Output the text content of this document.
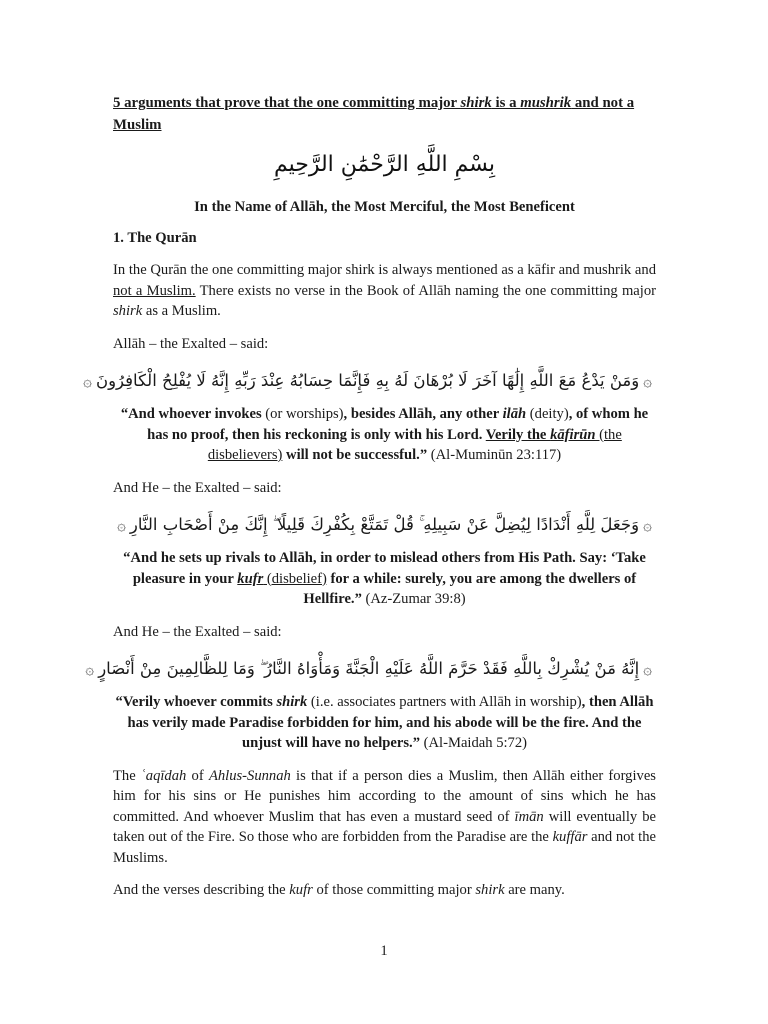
5 arguments that prove that the one committing major shirk is a mushrik and not a Muslim

بِسْمِ اللَّهِ الرَّحْمَٰنِ الرَّحِيمِ

In the Name of Allāh, the Most Merciful, the Most Beneficent

1. The Qurān

In the Qurān the one committing major shirk is always mentioned as a kāfir and mushrik and not a Muslim. There exists no verse in the Book of Allāh naming the one committing major shirk as a Muslim.

Allāh – the Exalted – said:

۞وَمَنْ يَدْعُ مَعَ اللَّهِ إِلَٰهًا آخَرَ لَا بُرْهَانَ لَهُ بِهِ فَإِنَّمَا حِسَابُهُ عِنْدَ رَبِّهِ إِنَّهُ لَا يُفْلِحُ الْكَافِرُونَ۞

“And whoever invokes (or worships), besides Allāh, any other ilāh (deity), of whom he has no proof, then his reckoning is only with his Lord. Verily the kāfirūn (the disbelievers) will not be successful.” (Al-Muminūn 23:117)

And He – the Exalted – said:

۞وَجَعَلَ لِلَّهِ أَنْدَادًا لِيُضِلَّ عَنْ سَبِيلِهِ ۚ قُلْ تَمَتَّعْ بِكُفْرِكَ قَلِيلًا ۖ إِنَّكَ مِنْ أَصْحَابِ النَّارِ۞

“And he sets up rivals to Allāh, in order to mislead others from His Path. Say: ‘Take pleasure in your kufr (disbelief) for a while: surely, you are among the dwellers of Hellfire.” (Az-Zumar 39:8)

And He – the Exalted – said:

۞إِنَّهُ مَنْ يُشْرِكْ بِاللَّهِ فَقَدْ حَرَّمَ اللَّهُ عَلَيْهِ الْجَنَّةَ وَمَأْوَاهُ النَّارُ ۖ وَمَا لِلظَّالِمِينَ مِنْ أَنْصَارٍ۞

“Verily whoever commits shirk (i.e. associates partners with Allāh in worship), then Allāh has verily made Paradise forbidden for him, and his abode will be the fire. And the unjust will have no helpers.” (Al-Maidah 5:72)

The ʿaqīdah of Ahlus-Sunnah is that if a person dies a Muslim, then Allāh either forgives him for his sins or He punishes him according to the amount of sins which he has committed. And whoever Muslim that has even a mustard seed of īmān will eventually be taken out of the Fire. So those who are forbidden from the Paradise are the kuffār and not the Muslims.

And the verses describing the kufr of those committing major shirk are many.

1
